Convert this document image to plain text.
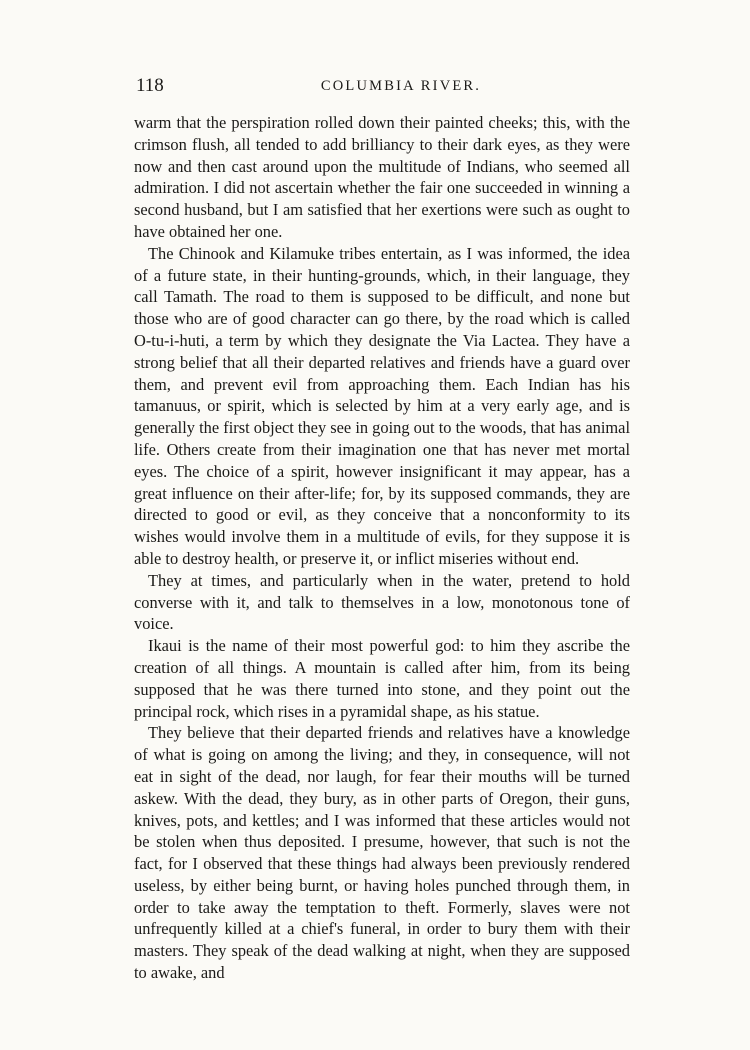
118	COLUMBIA RIVER.

warm that the perspiration rolled down their painted cheeks; this, with the crimson flush, all tended to add brilliancy to their dark eyes, as they were now and then cast around upon the multitude of Indians, who seemed all admiration. I did not ascertain whether the fair one succeeded in winning a second husband, but I am satisfied that her exertions were such as ought to have obtained her one.

The Chinook and Kilamuke tribes entertain, as I was informed, the idea of a future state, in their hunting-grounds, which, in their language, they call Tamath. The road to them is supposed to be difficult, and none but those who are of good character can go there, by the road which is called O-tu-i-huti, a term by which they designate the Via Lactea. They have a strong belief that all their departed relatives and friends have a guard over them, and prevent evil from approaching them. Each Indian has his tamanuus, or spirit, which is selected by him at a very early age, and is generally the first object they see in going out to the woods, that has animal life. Others create from their imagination one that has never met mortal eyes. The choice of a spirit, however insignificant it may appear, has a great influence on their after-life; for, by its supposed commands, they are directed to good or evil, as they conceive that a nonconformity to its wishes would involve them in a multitude of evils, for they suppose it is able to destroy health, or preserve it, or inflict miseries without end.

They at times, and particularly when in the water, pretend to hold converse with it, and talk to themselves in a low, monotonous tone of voice.

Ikaui is the name of their most powerful god: to him they ascribe the creation of all things. A mountain is called after him, from its being supposed that he was there turned into stone, and they point out the principal rock, which rises in a pyramidal shape, as his statue.

They believe that their departed friends and relatives have a knowledge of what is going on among the living; and they, in consequence, will not eat in sight of the dead, nor laugh, for fear their mouths will be turned askew. With the dead, they bury, as in other parts of Oregon, their guns, knives, pots, and kettles; and I was informed that these articles would not be stolen when thus deposited. I presume, however, that such is not the fact, for I observed that these things had always been previously rendered useless, by either being burnt, or having holes punched through them, in order to take away the temptation to theft. Formerly, slaves were not unfrequently killed at a chief's funeral, in order to bury them with their masters. They speak of the dead walking at night, when they are supposed to awake, and
